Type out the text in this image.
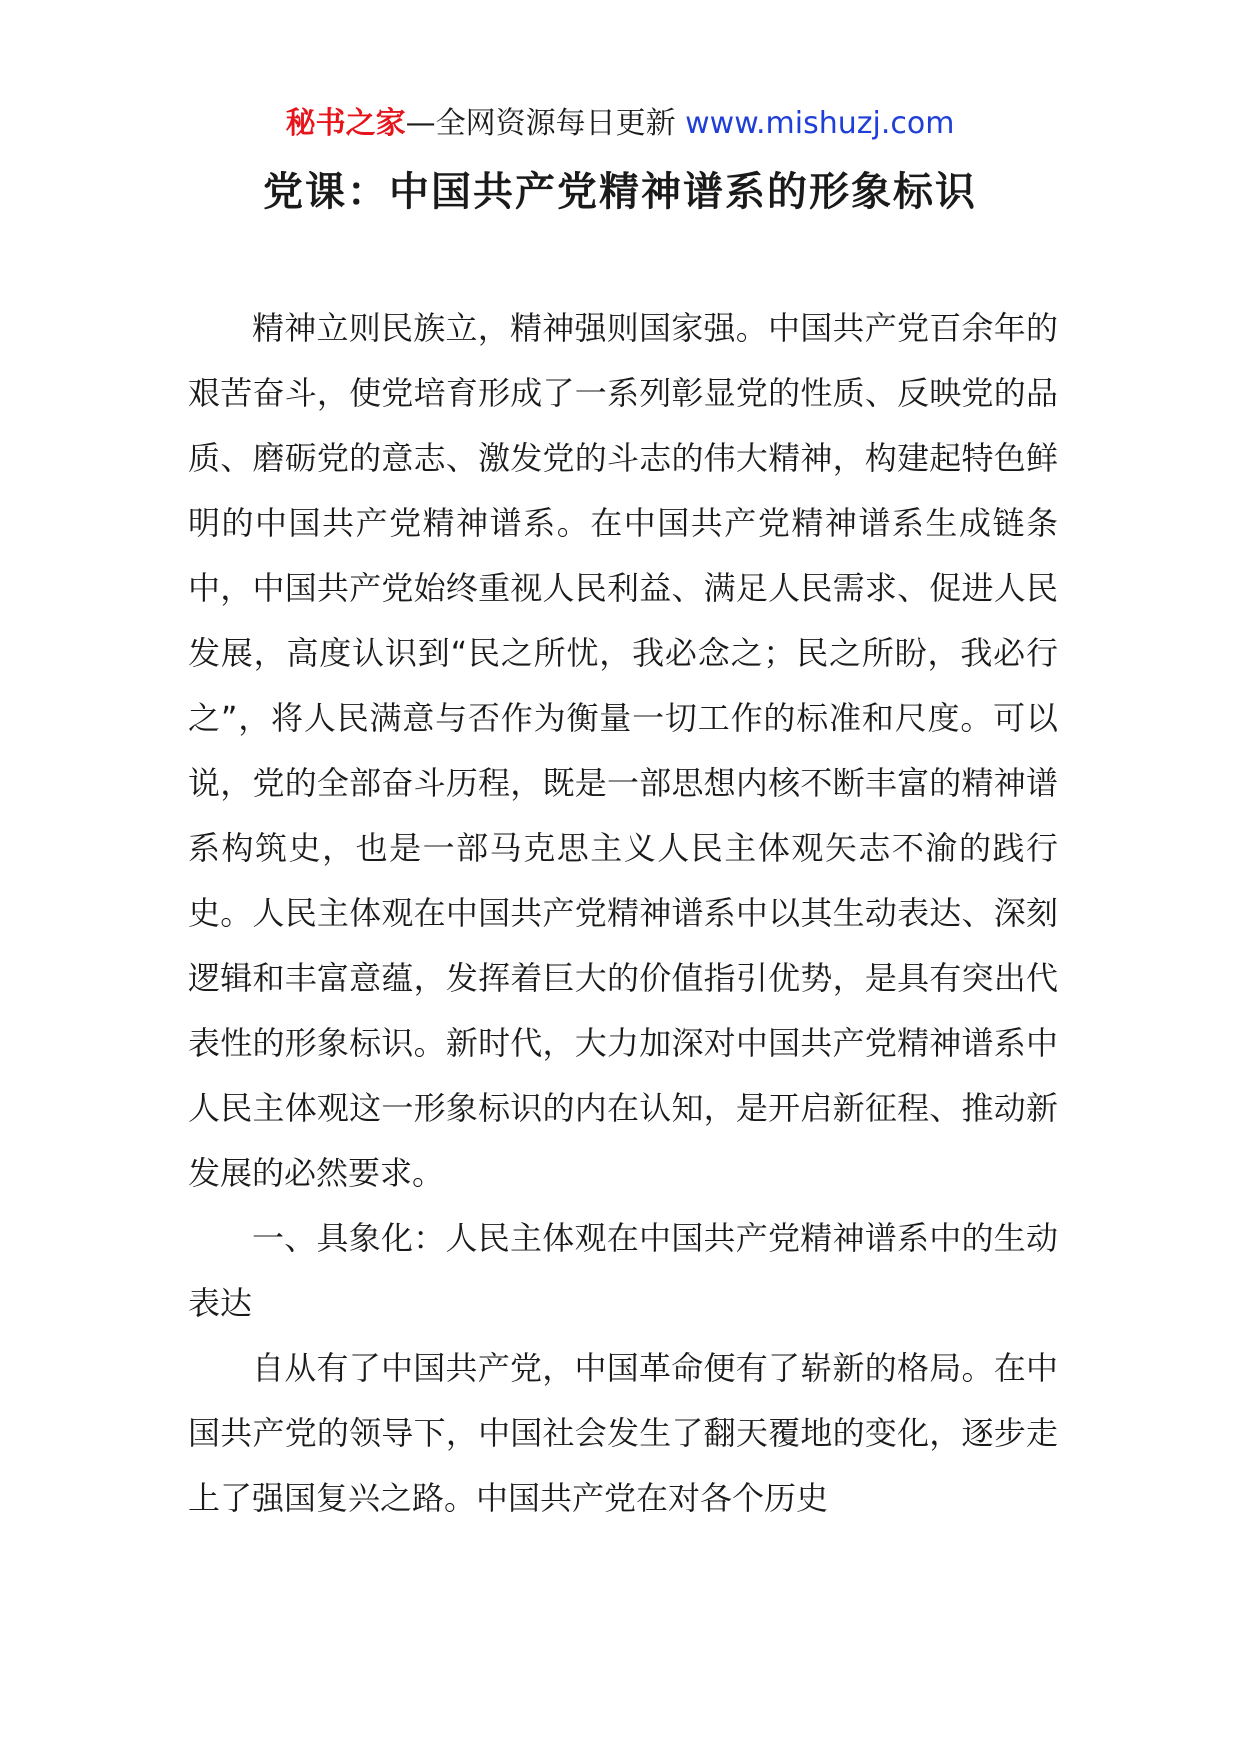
秘书之家—全网资源每日更新 www.mishuzj.com
党课：中国共产党精神谱系的形象标识

精神立则民族立，精神强则国家强。中国共产党百余年的艰苦奋斗，使党培育形成了一系列彰显党的性质、反映党的品质、磨砺党的意志、激发党的斗志的伟大精神，构建起特色鲜明的中国共产党精神谱系。在中国共产党精神谱系生成链条中，中国共产党始终重视人民利益、满足人民需求、促进人民发展，高度认识到“民之所忧，我必念之；民之所盼，我必行之”，将人民满意与否作为衡量一切工作的标准和尺度。可以说，党的全部奋斗历程，既是一部思想内核不断丰富的精神谱系构筑史，也是一部马克思主义人民主体观矢志不渝的践行史。人民主体观在中国共产党精神谱系中以其生动表达、深刻逻辑和丰富意蕴，发挥着巨大的价值指引优势，是具有突出代表性的形象标识。新时代，大力加深对中国共产党精神谱系中人民主体观这一形象标识的内在认知，是开启新征程、推动新发展的必然要求。

一、具象化：人民主体观在中国共产党精神谱系中的生动表达

自从有了中国共产党，中国革命便有了崭新的格局。在中国共产党的领导下，中国社会发生了翻天覆地的变化，逐步走上了强国复兴之路。中国共产党在对各个历史
